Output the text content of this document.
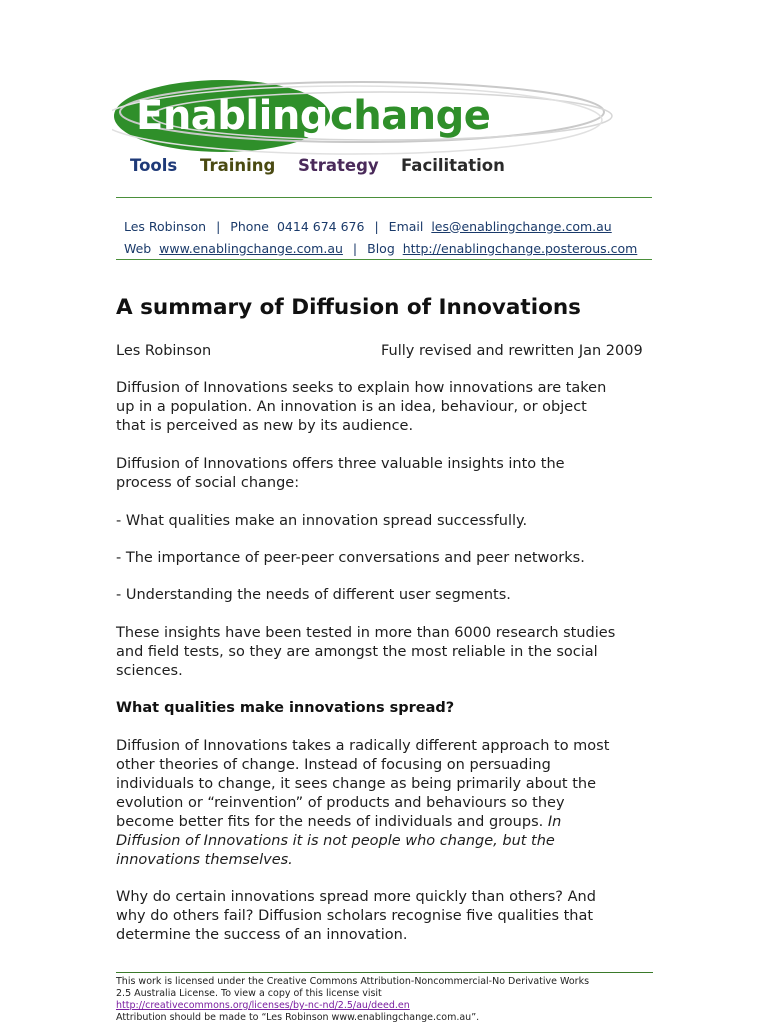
Enabling change
Tools Training Strategy Facilitation

Les Robinson | Phone 0414 674 676 | Email les@enablingchange.com.au

Web www.enablingchange.com.au | Blog http://enablingchange.posterous.com

A summary of Diffusion of Innovations

Les Robinson	Fully revised and rewritten Jan 2009

Diffusion of Innovations seeks to explain how innovations are taken

up in a population. An innovation is an idea, behaviour, or object

that is perceived as new by its audience.

Diffusion of Innovations offers three valuable insights into the

process of social change:

- What qualities make an innovation spread successfully.

- The importance of peer-peer conversations and peer networks.

- Understanding the needs of different user segments.

These insights have been tested in more than 6000 research studies

and field tests, so they are amongst the most reliable in the social

sciences.

What qualities make innovations spread?

Diffusion of Innovations takes a radically different approach to most

other theories of change. Instead of focusing on persuading

individuals to change, it sees change as being primarily about the

evolution or “reinvention” of products and behaviours so they

become better fits for the needs of individuals and groups. In

Diffusion of Innovations it is not people who change, but the

innovations themselves.

Why do certain innovations spread more quickly than others? And

why do others fail? Diffusion scholars recognise five qualities that

determine the success of an innovation.

This work is licensed under the Creative Commons Attribution-Noncommercial-No Derivative Works
2.5 Australia License. To view a copy of this license visit
http://creativecommons.org/licenses/by-nc-nd/2.5/au/deed.en
Attribution should be made to “Les Robinson www.enablingchange.com.au”.
